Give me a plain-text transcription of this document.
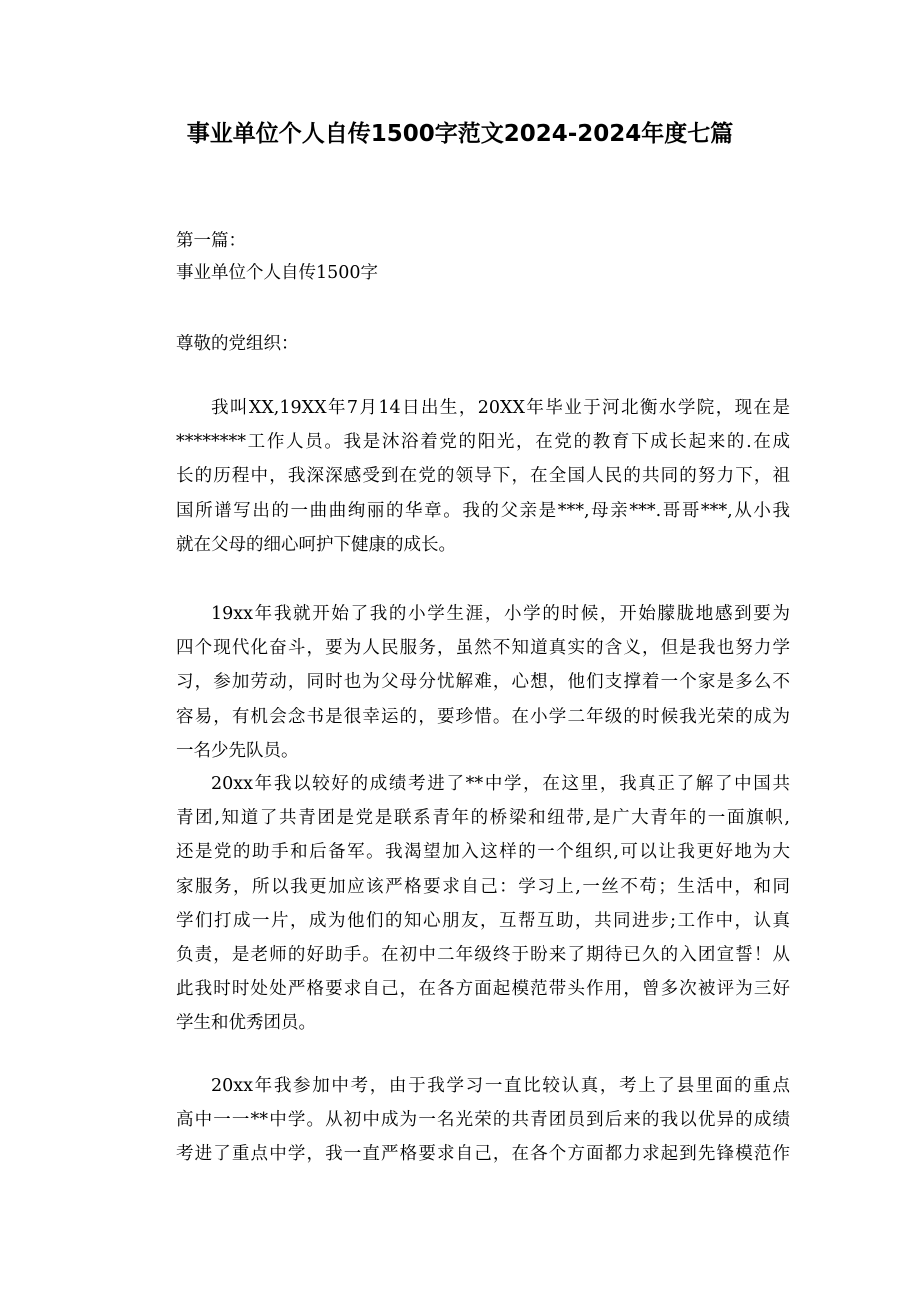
事业单位个人自传1500字范文2024-2024年度七篇
第一篇：
事业单位个人自传1500字
尊敬的党组织：
我叫XX,19XX年7月14日出生，20XX年毕业于河北衡水学院，现在是
********工作人员。我是沐浴着党的阳光，在党的教育下成长起来的.在成
长的历程中，我深深感受到在党的领导下，在全国人民的共同的努力下，祖
国所谱写出的一曲曲绚丽的华章。我的父亲是***,母亲***.哥哥***,从小我
就在父母的细心呵护下健康的成长。
19xx年我就开始了我的小学生涯，小学的时候，开始朦胧地感到要为
四个现代化奋斗，要为人民服务，虽然不知道真实的含义，但是我也努力学
习，参加劳动，同时也为父母分忧解难，心想，他们支撑着一个家是多么不
容易，有机会念书是很幸运的，要珍惜。在小学二年级的时候我光荣的成为
一名少先队员。
20xx年我以较好的成绩考进了**中学，在这里，我真正了解了中国共
青团,知道了共青团是党是联系青年的桥梁和纽带,是广大青年的一面旗帜,
还是党的助手和后备军。我渴望加入这样的一个组织,可以让我更好地为大
家服务，所以我更加应该严格要求自己：学习上,一丝不苟；生活中，和同
学们打成一片，成为他们的知心朋友，互帮互助，共同进步;工作中，认真
负责，是老师的好助手。在初中二年级终于盼来了期待已久的入团宣誓！从
此我时时处处严格要求自己，在各方面起模范带头作用，曾多次被评为三好
学生和优秀团员。
20xx年我参加中考，由于我学习一直比较认真，考上了县里面的重点
高中一一**中学。从初中成为一名光荣的共青团员到后来的我以优异的成绩
考进了重点中学，我一直严格要求自己，在各个方面都力求起到先锋模范作
